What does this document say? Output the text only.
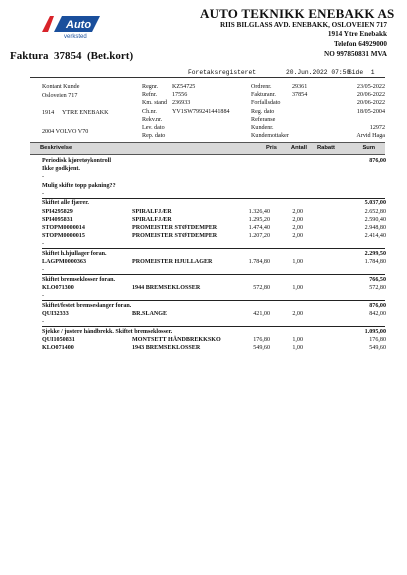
Auto
verksted
AUTO TEKNIKK ENEBAKK AS
RIIS BILGLASS AVD. ENEBAKK, OSLOVEIEN 717
1914 Ytre Enebakk
Telefon 64929000
NO 997850831 MVA
Faktura 37854 (Bet.kort)
Foretaksregisteret	20.Jun.2022 07:50
Side 1
Kontant Kunde
Osloveien 717
1914 YTRE ENEBAKK
2004 VOLVO V70
Regnr. KZ54725
Refnr. 17556
Km. stand 236933
Ch.nr. YV1SW799241441884
Rekv.nr.
Lev. dato
Rep. dato
Ordrenr.	29361	23/05-2022
Fakturanr.	37854	20/06-2022
Forfallsdato	20/06-2022
Reg. dato	18/05-2004
Referanse
Kundenr.	12972
Kundemottaker	Arvid Haga
Beskrivelse	Pris Antall Rabatt	Sum
Periodisk kjøretøykontroll	876,00
Ikke godkjent.
-
Mulig skifte topp pakning??
-
Skiftet alle fjærer.	5.037,00
SPI4295829	SPIRALFJÆR	1.326,40	2,00	2.652,80
SPI4095831	SPIRALFJÆR	1.295,20	2,00	2.590,40
STOPM0000014	PROMEISTER STØTDEMPER	1.474,40	2,00	2.948,80
STOPM0000015	PROMEISTER STØTDEMPER	1.207,20	2,00	2.414,40
-
Skiftet h.hjullager foran.	2.299,50
LAGPM0000363	PROMEISTER HJULLAGER	1.784,80	1,00	1.784,80
-
Skiftet bremseklosser foran.	766,50
KLO071300	1944 BREMSEKLOSSER	572,80	1,00	572,80
-
Skiftet/festet bremseslanger foran.	876,00
QUI32333	BR.SLANGE	421,00	2,00	842,00
-
Sjekke / justere håndbrekk. Skiftet bremseklosser.	1.095,00
QUI1050831	MONTSETT HÅNDBREKKSKO	176,80	1,00	176,80
KLO071400	1943 BREMSEKLOSSER	549,60	1,00	549,60
